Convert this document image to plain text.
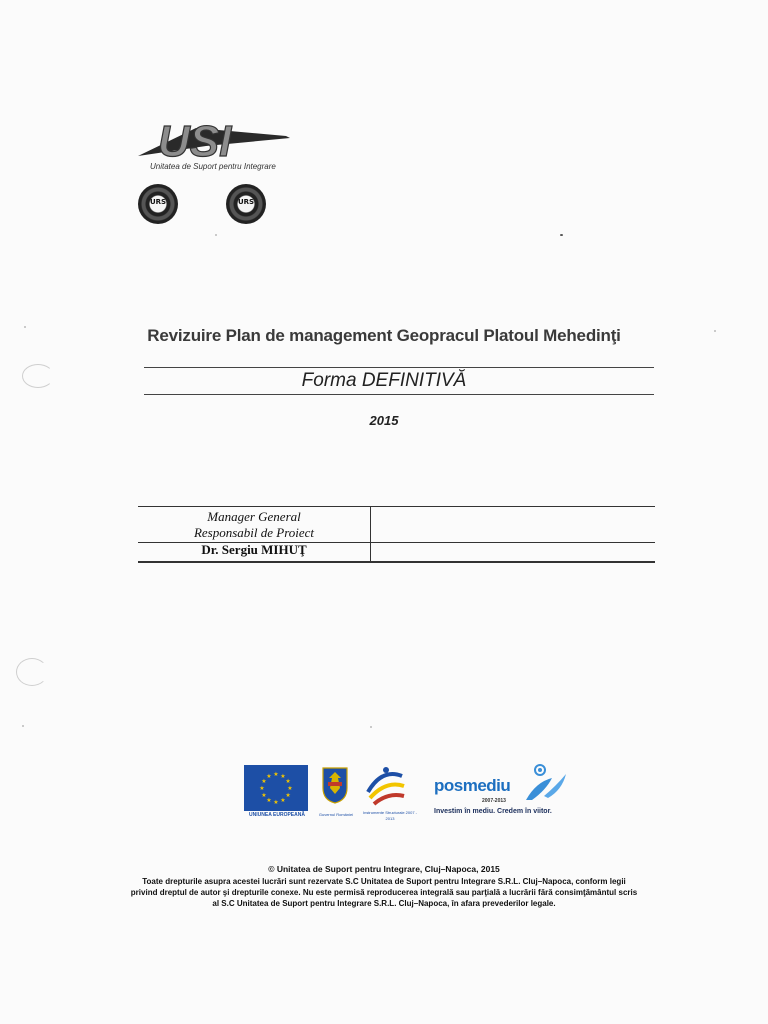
USI
Unitatea de Suport pentru Integrare
URS	URS
Revizuire Plan de management Geopracul Platoul Mehedinţi
Forma DEFINITIVĂ
2015
Manager General
Responsabil de Proiect
Dr. Sergiu MIHUŢ
★ ★
★
★
★
★
★
★
★
★
★
★
UNIUNEA EUROPEANĂ	Guvernul României	Instrumente Structurale 2007 - 2013
posmediu
2007-2013
Investim în mediu. Credem în viitor.
© Unitatea de Suport pentru Integrare, Cluj–Napoca, 2015
Toate drepturile asupra acestei lucrări sunt rezervate S.C Unitatea de Suport pentru Integrare S.R.L. Cluj–Napoca, conform legii privind dreptul de autor şi drepturile conexe. Nu este permisă reproducerea integrală sau parţială a lucrării fără consimţământul scris al S.C Unitatea de Suport pentru Integrare S.R.L. Cluj–Napoca, în afara prevederilor legale.
